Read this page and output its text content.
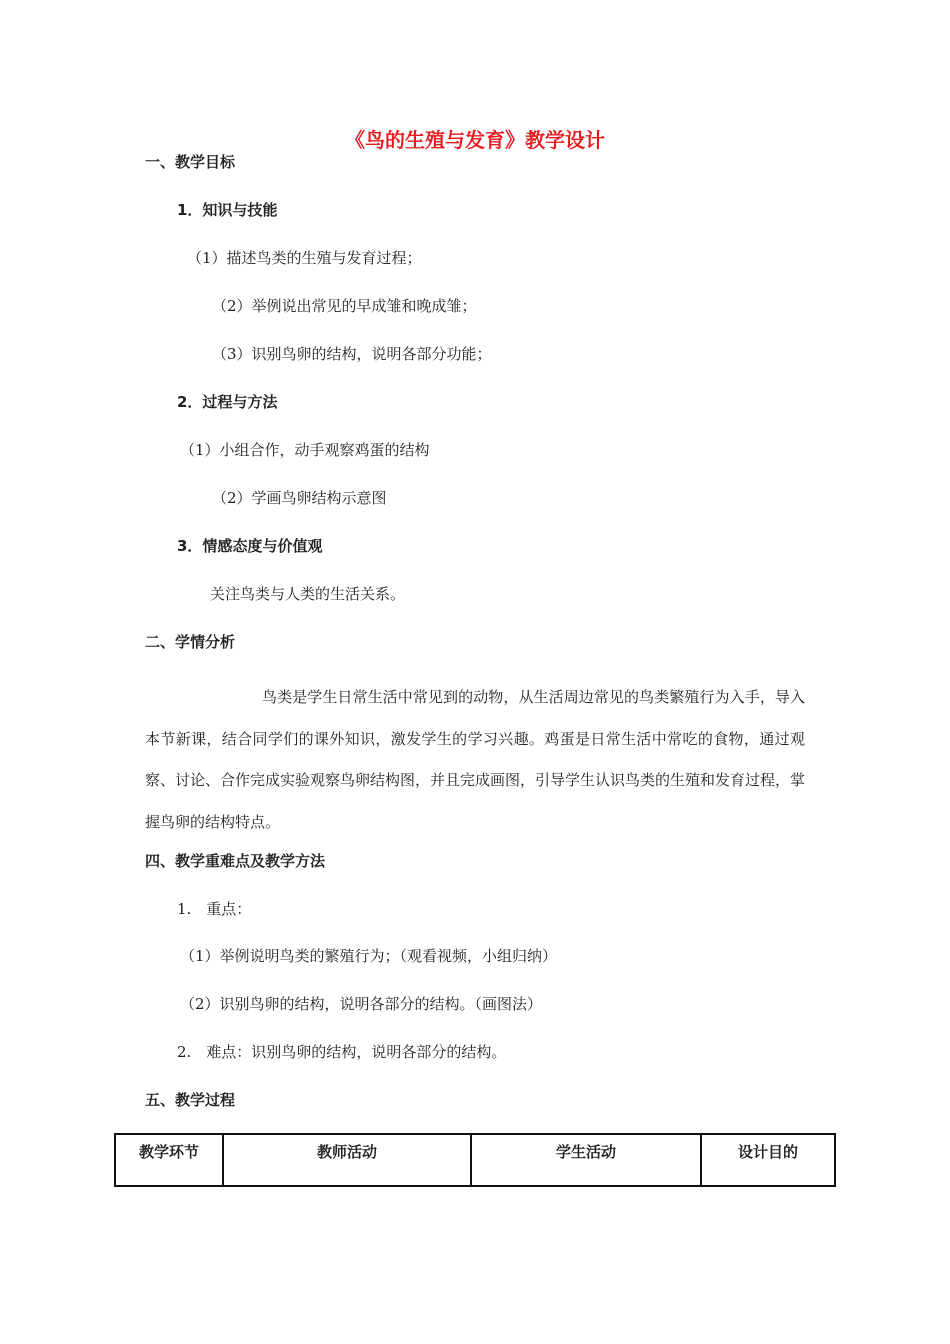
《鸟的生殖与发育》教学设计
一、教学目标
1．知识与技能
（1）描述鸟类的生殖与发育过程；
（2）举例说出常见的早成雏和晚成雏；
（3）识别鸟卵的结构，说明各部分功能；
2．过程与方法
（1）小组合作，动手观察鸡蛋的结构
（2）学画鸟卵结构示意图
3．情感态度与价值观
关注鸟类与人类的生活关系。
二、学情分析
鸟类是学生日常生活中常见到的动物，从生活周边常见的鸟类繁殖行为入手，导入本节新课，结合同学们的课外知识，激发学生的学习兴趣。鸡蛋是日常生活中常吃的食物，通过观察、讨论、合作完成实验观察鸟卵结构图，并且完成画图，引导学生认识鸟类的生殖和发育过程，掌握鸟卵的结构特点。
四、教学重难点及教学方法
1.　重点：
（1）举例说明鸟类的繁殖行为；（观看视频，小组归纳）
（2）识别鸟卵的结构，说明各部分的结构。（画图法）
2.　难点：识别鸟卵的结构，说明各部分的结构。
五、教学过程
教学环节	教师活动	学生活动	设计目的
